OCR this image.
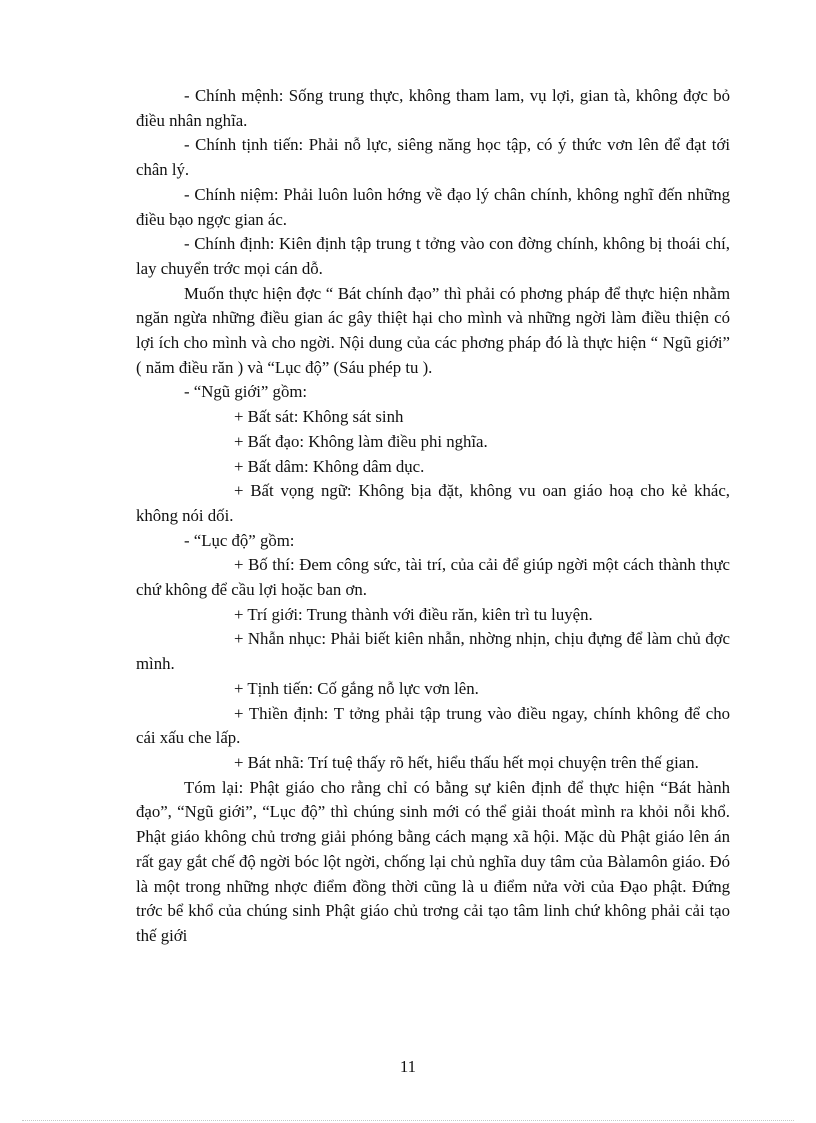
- Chính mệnh: Sống trung thực, không tham lam, vụ lợi, gian tà, không đợc bỏ điều nhân nghĩa.

- Chính tịnh tiến: Phải nỗ lực, siêng năng học tập, có ý thức vơn lên để đạt tới chân lý.

- Chính niệm: Phải luôn luôn hớng về đạo lý chân chính, không nghĩ đến những điều bạo ngợc gian ác.

- Chính định: Kiên định tập trung t tởng vào con đờng chính, không bị thoái chí, lay chuyển trớc mọi cán dỗ.

Muốn thực hiện đợc “ Bát chính đạo” thì phải có phơng pháp để thực hiện nhằm ngăn ngừa những điều gian ác gây thiệt hại cho mình và những ngời làm điều thiện có lợi ích cho mình và cho ngời. Nội dung của các phơng pháp đó là thực hiện “ Ngũ giới” ( năm điều răn ) và “Lục độ” (Sáu phép tu ).

- “Ngũ giới” gồm:

+ Bất sát: Không sát sinh

+ Bất đạo: Không làm điều phi nghĩa.

+ Bất dâm: Không dâm dục.

+ Bất vọng ngữ: Không bịa đặt, không vu oan giáo hoạ cho kẻ khác, không nói dối.

- “Lục độ” gồm:

+ Bố thí: Đem công sức, tài trí, của cải để giúp ngời một cách thành thực chứ không để cầu lợi hoặc ban ơn.

+ Trí giới: Trung thành với điều răn, kiên trì tu luyện.

+ Nhẫn nhục: Phải biết kiên nhẫn, nhờng nhịn, chịu đựng để làm chủ đợc mình.

+ Tịnh tiến: Cố gắng nỗ lực vơn lên.

+ Thiền định: T tởng phải tập trung vào điều ngay, chính không để cho cái xấu che lấp.

+ Bát nhã: Trí tuệ thấy rõ hết, hiểu thấu hết mọi chuyện trên thế gian.

Tóm lại: Phật giáo cho rằng chỉ có bằng sự kiên định để thực hiện “Bát hành đạo”, “Ngũ giới”, “Lục độ” thì chúng sinh mới có thể giải thoát mình ra khỏi nỗi khổ. Phật giáo không chủ trơng giải phóng bằng cách mạng xã hội. Mặc dù Phật giáo lên án rất gay gắt chế độ ngời bóc lột ngời, chống lại chủ nghĩa duy tâm của Bàlamôn giáo. Đó là một trong những nhợc điểm đồng thời cũng là u điểm nửa vời của Đạo phật. Đứng trớc bể khổ của chúng sinh Phật giáo chủ trơng cải tạo tâm linh chứ không phải cải tạo thế giới

11
